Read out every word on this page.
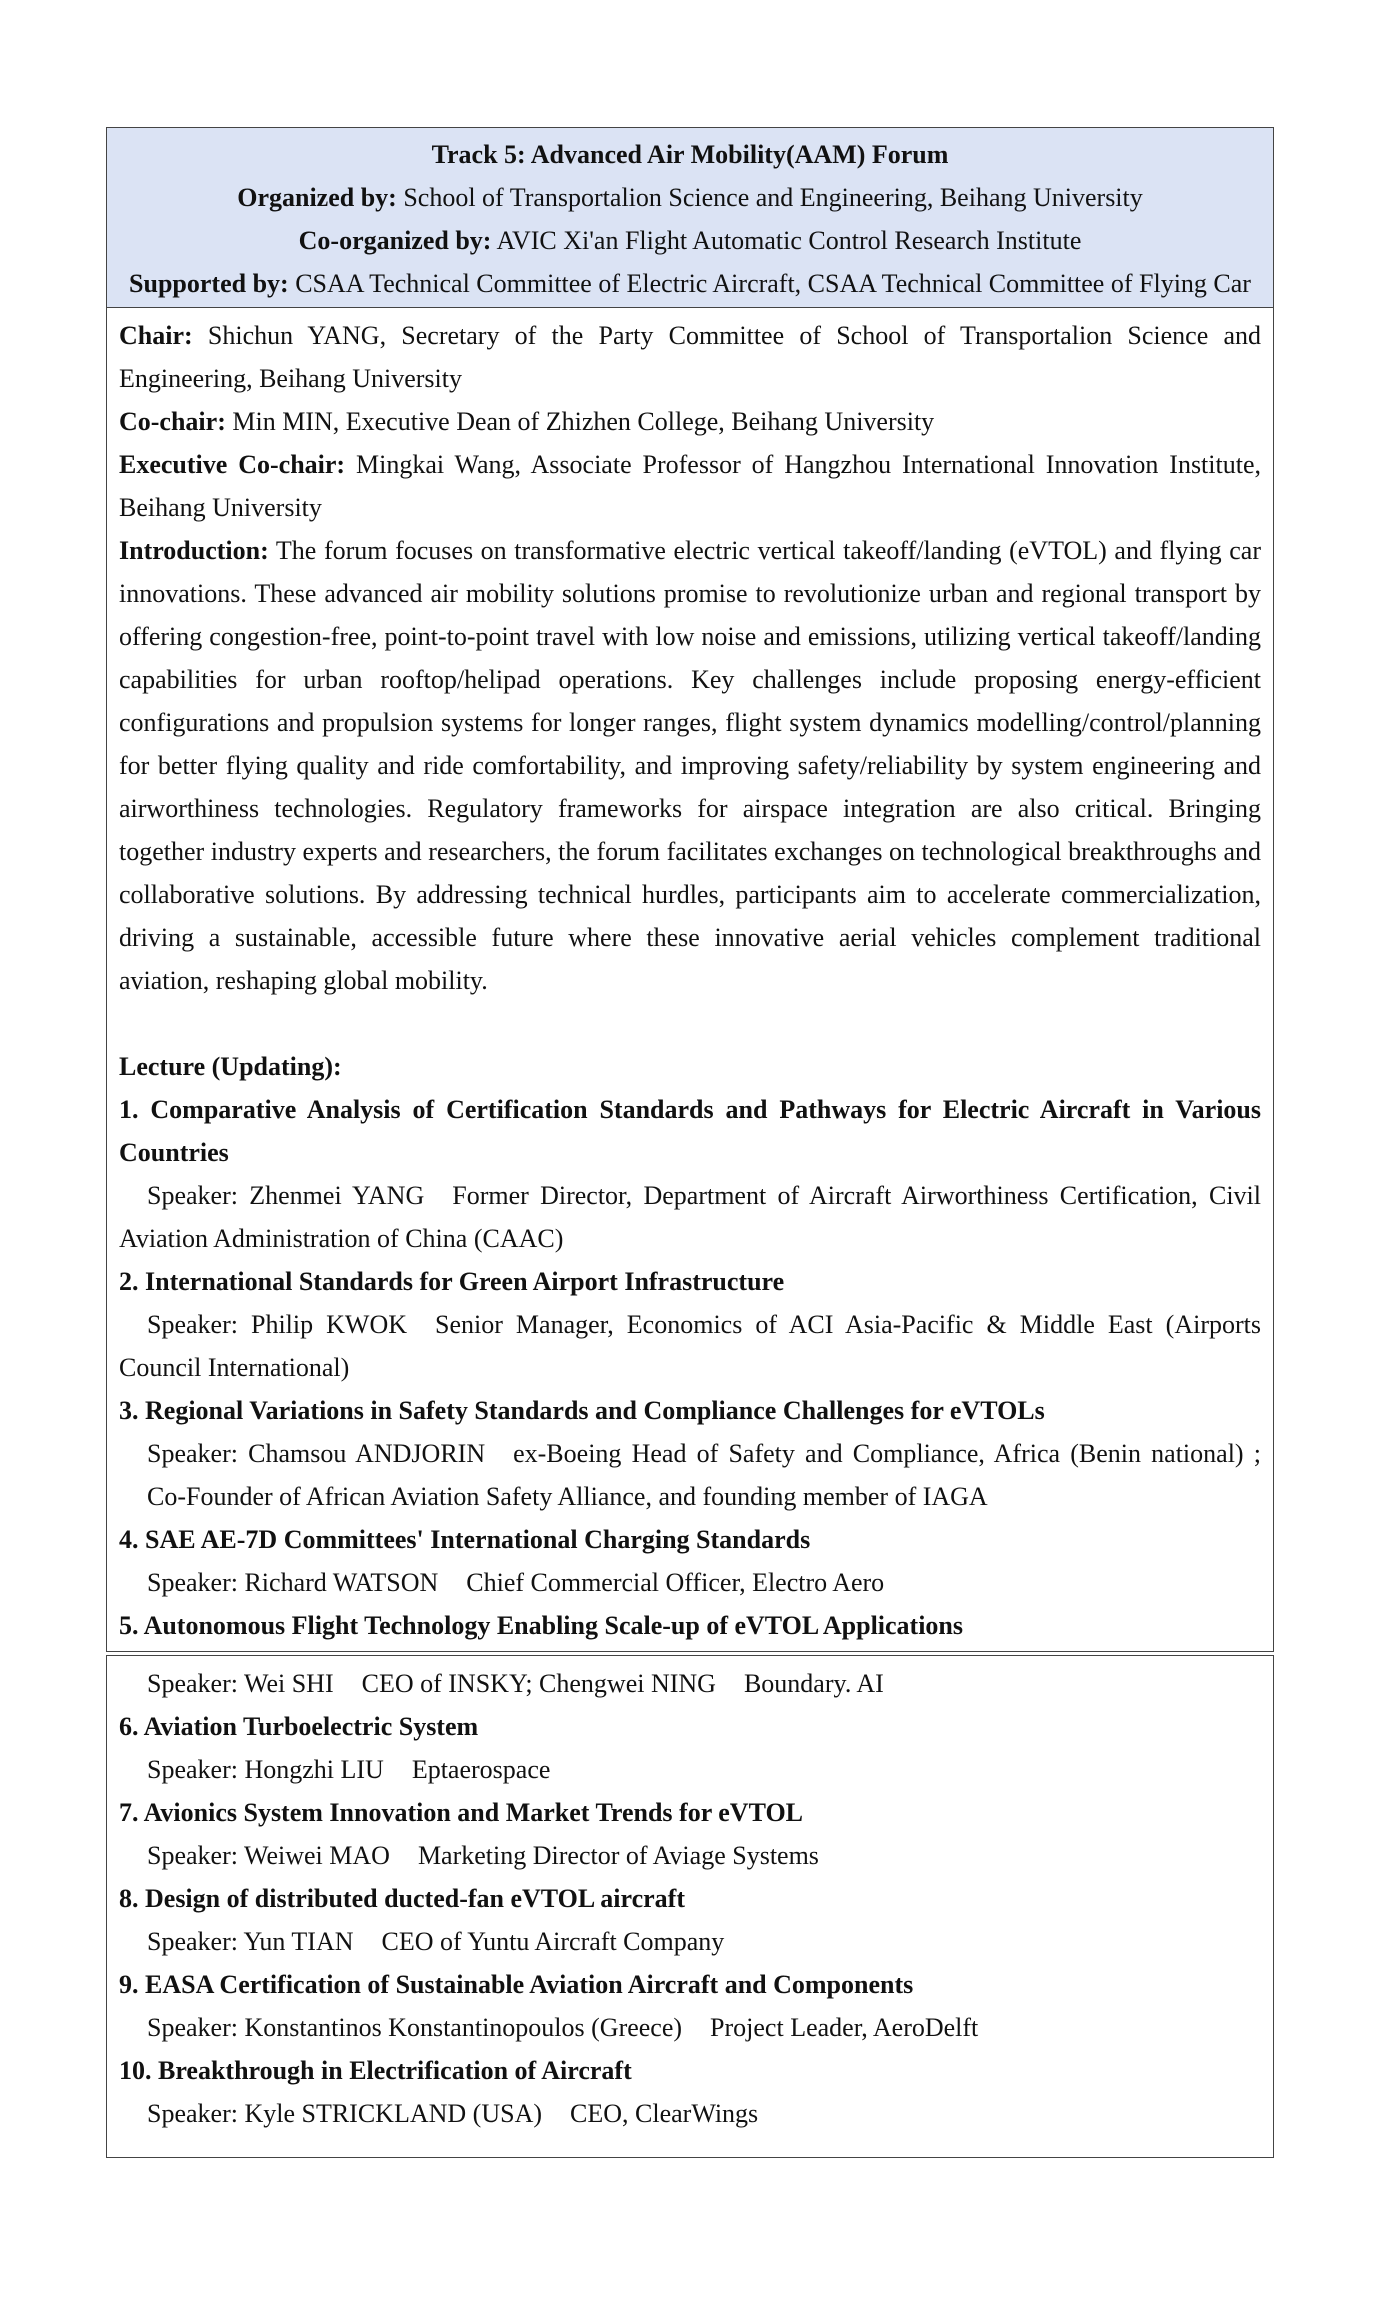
Track 5: Advanced Air Mobility(AAM) Forum

Organized by: School of Transportalion Science and Engineering, Beihang University

Co-organized by: AVIC Xi'an Flight Automatic Control Research Institute

Supported by: CSAA Technical Committee of Electric Aircraft, CSAA Technical Committee of Flying Car

Chair: Shichun YANG, Secretary of the Party Committee of School of Transportalion Science and Engineering, Beihang University

Co-chair: Min MIN, Executive Dean of Zhizhen College, Beihang University

Executive Co-chair: Mingkai Wang, Associate Professor of Hangzhou International Innovation Institute, Beihang University

Introduction: The forum focuses on transformative electric vertical takeoff/landing (eVTOL) and flying car innovations. These advanced air mobility solutions promise to revolutionize urban and regional transport by offering congestion-free, point-to-point travel with low noise and emissions, utilizing vertical takeoff/landing capabilities for urban rooftop/helipad operations. Key challenges include proposing energy-efficient configurations and propulsion systems for longer ranges, flight system dynamics modelling/control/planning for better flying quality and ride comfortability, and improving safety/reliability by system engineering and airworthiness technologies. Regulatory frameworks for airspace integration are also critical. Bringing together industry experts and researchers, the forum facilitates exchanges on technological breakthroughs and collaborative solutions. By addressing technical hurdles, participants aim to accelerate commercialization, driving a sustainable, accessible future where these innovative aerial vehicles complement traditional aviation, reshaping global mobility.

Lecture (Updating):

1. Comparative Analysis of Certification Standards and Pathways for Electric Aircraft in Various Countries

Speaker: Zhenmei YANG Former Director, Department of Aircraft Airworthiness Certification, Civil Aviation Administration of China (CAAC)

2. International Standards for Green Airport Infrastructure

Speaker: Philip KWOK Senior Manager, Economics of ACI Asia-Pacific & Middle East (Airports Council International)

3. Regional Variations in Safety Standards and Compliance Challenges for eVTOLs

Speaker: Chamsou ANDJORIN ex-Boeing Head of Safety and Compliance, Africa (Benin national) ; Co-Founder of African Aviation Safety Alliance, and founding member of IAGA

4. SAE AE-7D Committees' International Charging Standards

Speaker: Richard WATSON Chief Commercial Officer, Electro Aero

5. Autonomous Flight Technology Enabling Scale-up of eVTOL Applications

Speaker: Wei SHI CEO of INSKY; Chengwei NING Boundary. AI

6. Aviation Turboelectric System

Speaker: Hongzhi LIU Eptaerospace

7. Avionics System Innovation and Market Trends for eVTOL

Speaker: Weiwei MAO Marketing Director of Aviage Systems

8. Design of distributed ducted-fan eVTOL aircraft

Speaker: Yun TIAN CEO of Yuntu Aircraft Company

9. EASA Certification of Sustainable Aviation Aircraft and Components

Speaker: Konstantinos Konstantinopoulos (Greece) Project Leader, AeroDelft

10. Breakthrough in Electrification of Aircraft

Speaker: Kyle STRICKLAND (USA) CEO, ClearWings
